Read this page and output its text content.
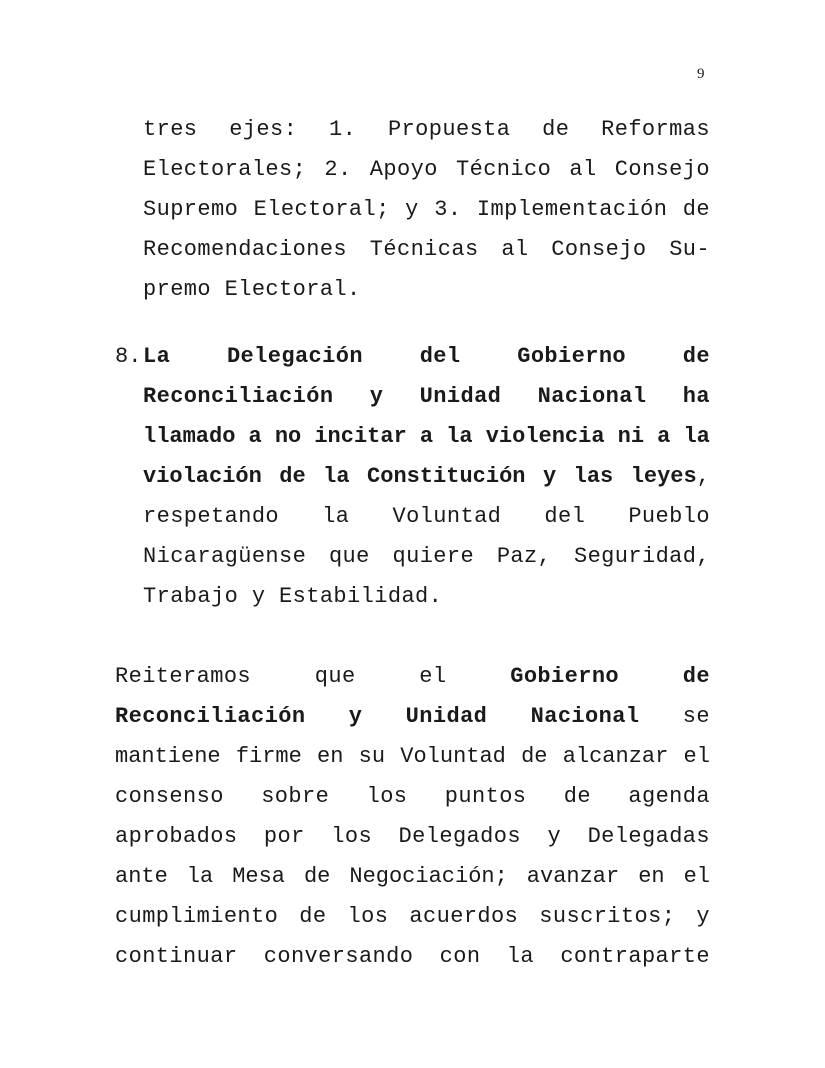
9
tres ejes: 1. Propuesta de Reformas
Electorales; 2. Apoyo Técnico al Consejo
Supremo Electoral; y 3. Implementación de
Recomendaciones Técnicas al Consejo Su-
premo Electoral.
8. La	Delegación	del	Gobierno	de
Reconciliación y Unidad Nacional ha
llamado a no incitar a la violencia ni a la
violación de la Constitución y las leyes,
respetando la Voluntad del Pueblo
Nicaragüense que quiere Paz, Seguridad,
Trabajo y Estabilidad.
Reiteramos	que	el	Gobierno	de
Reconciliación y Unidad Nacional se
mantiene firme en su Voluntad de alcanzar el
consenso sobre los puntos de agenda
aprobados por los Delegados y Delegadas
ante la Mesa de Negociación; avanzar en el
cumplimiento de los acuerdos suscritos; y
continuar conversando con la contraparte
